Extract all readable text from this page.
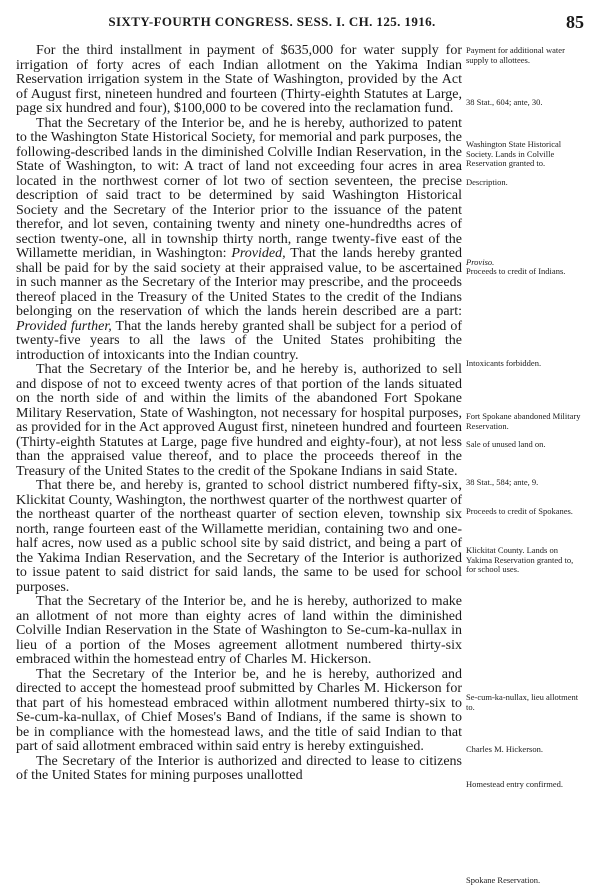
SIXTY-FOURTH CONGRESS. SESS. I. CH. 125. 1916.	85

For the third installment in payment of $635,000 for water supply for irrigation of forty acres of each Indian allotment on the Yakima Indian Reservation irrigation system in the State of Washington, provided by the Act of August first, nineteen hundred and fourteen (Thirty-eighth Statutes at Large, page six hundred and four), $100,000 to be covered into the reclamation fund.

That the Secretary of the Interior be, and he is hereby, authorized to patent to the Washington State Historical Society, for memorial and park purposes, the following-described lands in the diminished Colville Indian Reservation, in the State of Washington, to wit: A tract of land not exceeding four acres in area located in the northwest corner of lot two of section seventeen, the precise description of said tract to be determined by said Washington Historical Society and the Secretary of the Interior prior to the issuance of the patent therefor, and lot seven, containing twenty and ninety one-hundredths acres of section twenty-one, all in township thirty north, range twenty-five east of the Willamette meridian, in Washington: Provided, That the lands hereby granted shall be paid for by the said society at their appraised value, to be ascertained in such manner as the Secretary of the Interior may prescribe, and the proceeds thereof placed in the Treasury of the United States to the credit of the Indians belonging on the reservation of which the lands herein described are a part: Provided further, That the lands hereby granted shall be subject for a period of twenty-five years to all the laws of the United States prohibiting the introduction of intoxicants into the Indian country.

That the Secretary of the Interior be, and he hereby is, authorized to sell and dispose of not to exceed twenty acres of that portion of the lands situated on the north side of and within the limits of the abandoned Fort Spokane Military Reservation, State of Washington, not necessary for hospital purposes, as provided for in the Act approved August first, nineteen hundred and fourteen (Thirty-eighth Statutes at Large, page five hundred and eighty-four), at not less than the appraised value thereof, and to place the proceeds thereof in the Treasury of the United States to the credit of the Spokane Indians in said State.

That there be, and hereby is, granted to school district numbered fifty-six, Klickitat County, Washington, the northwest quarter of the northwest quarter of the northeast quarter of the northeast quarter of section eleven, township six north, range fourteen east of the Willamette meridian, containing two and one-half acres, now used as a public school site by said district, and being a part of the Yakima Indian Reservation, and the Secretary of the Interior is authorized to issue patent to said district for said lands, the same to be used for school purposes.

That the Secretary of the Interior be, and he is hereby, authorized to make an allotment of not more than eighty acres of land within the diminished Colville Indian Reservation in the State of Washington to Se-cum-ka-nullax in lieu of a portion of the Moses agreement allotment numbered thirty-six embraced within the homestead entry of Charles M. Hickerson.

That the Secretary of the Interior be, and he is hereby, authorized and directed to accept the homestead proof submitted by Charles M. Hickerson for that part of his homestead embraced within allotment numbered thirty-six to Se-cum-ka-nullax, of Chief Moses's Band of Indians, if the same is shown to be in compliance with the homestead laws, and the title of said Indian to that part of said allotment embraced within said entry is hereby extinguished.

The Secretary of the Interior is authorized and directed to lease to citizens of the United States for mining purposes unallotted

Payment for additional water supply to allottees.
38 Stat., 604; ante, 30.
Washington State Historical Society. Lands in Colville Reservation granted to.
Description.
Proviso.
Proceeds to credit of Indians.
Intoxicants forbidden.
Fort Spokane abandoned Military Reservation.
Sale of unused land on.
38 Stat., 584; ante, 9.
Proceeds to credit of Spokanes.
Klickitat County. Lands on Yakima Reservation granted to, for school uses.
Se-cum-ka-nullax, lieu allotment to.
Charles M. Hickerson.
Homestead entry confirmed.
Spokane Reservation.
